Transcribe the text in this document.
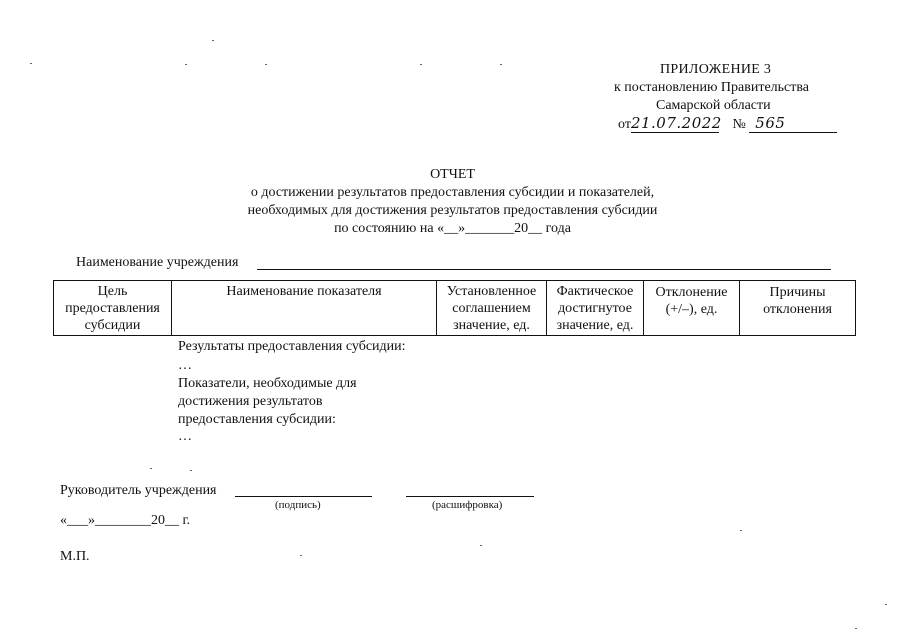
ПРИЛОЖЕНИЕ 3
к постановлению Правительства
Самарской области
от21.07.2022 № 565
ОТЧЕТ
о достижении результатов предоставления субсидии и показателей,
необходимых для достижения результатов предоставления субсидии
по состоянию на «__»_______20__ года
Наименование учреждения
Цель предоставления субсидии	Наименование показателя	Установленное соглашением значение, ед.	Фактическое достигнутое значение, ед.	Отклонение (+/–), ед.	Причины отклонения
Результаты предоставления субсидии:
…
Показатели, необходимые для достижения результатов предоставления субсидии:
…
Руководитель учреждения
(подпись)	(расшифровка)
«___»________20__ г.
М.П.
